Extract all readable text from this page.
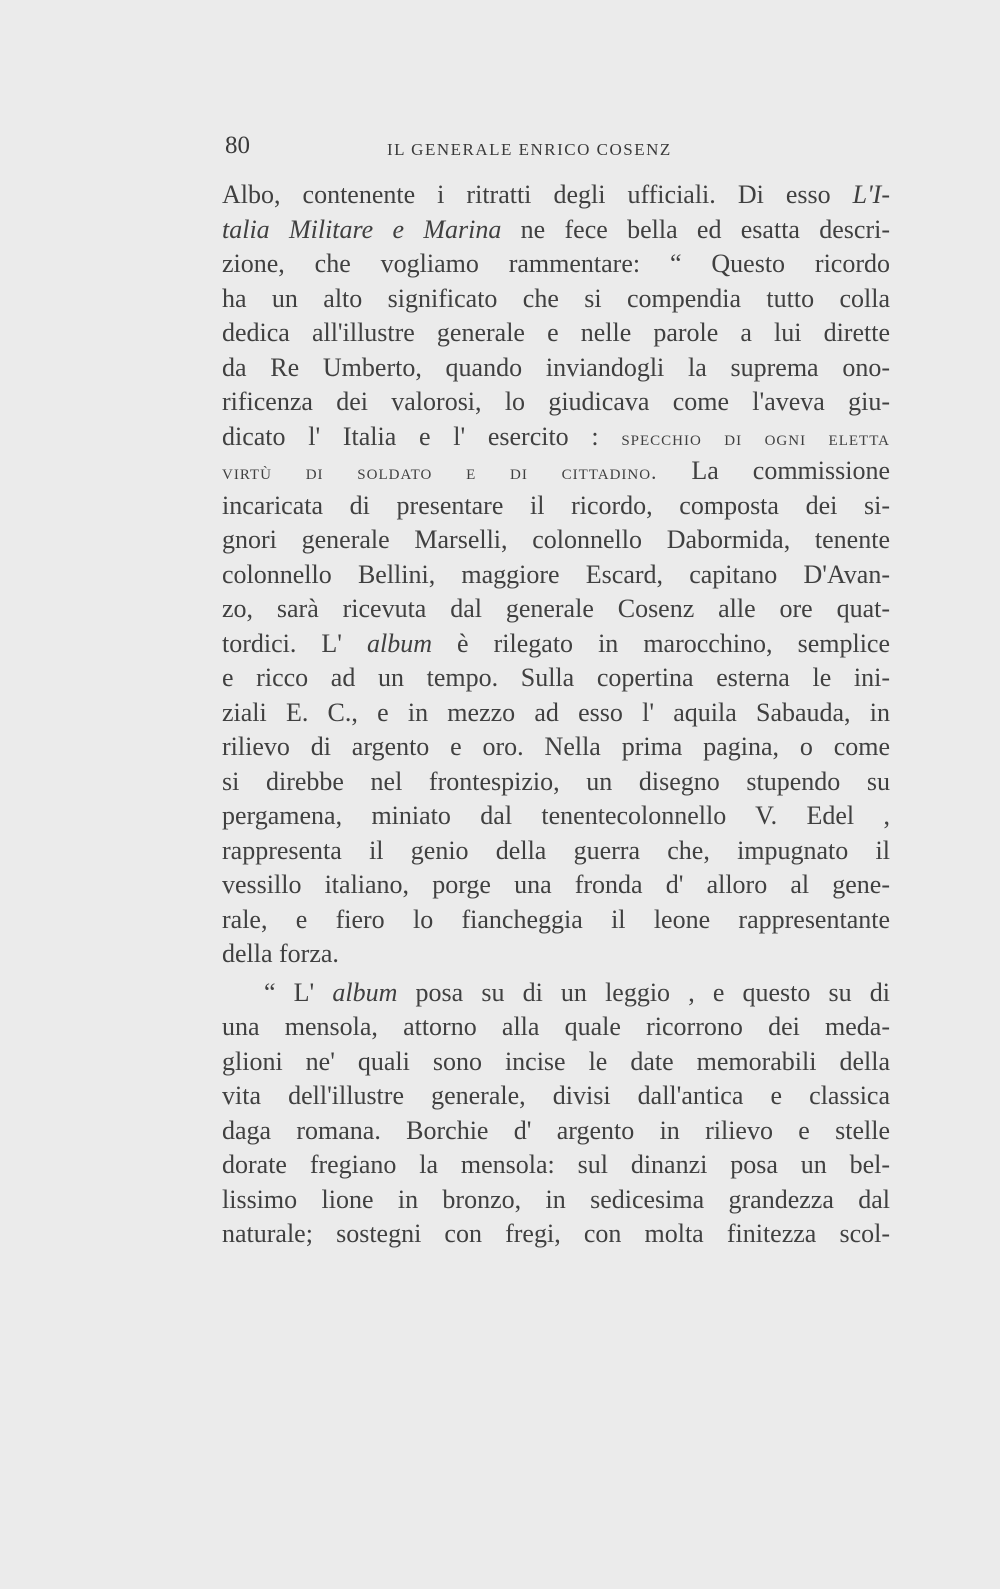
80	IL GENERALE ENRICO COSENZ
Albo, contenente i ritratti degli ufficiali. Di esso L'I-
talia Militare e Marina ne fece bella ed esatta descri-
zione, che vogliamo rammentare: “ Questo ricordo
ha un alto significato che si compendia tutto colla
dedica all'illustre generale e nelle parole a lui dirette
da Re Umberto, quando inviandogli la suprema ono-
rificenza dei valorosi, lo giudicava come l'aveva giu-
dicato l' Italia e l' esercito : specchio di ogni eletta
virtù di soldato e di cittadino. La commissione
incaricata di presentare il ricordo, composta dei si-
gnori generale Marselli, colonnello Dabormida, tenente
colonnello Bellini, maggiore Escard, capitano D'Avan-
zo, sarà ricevuta dal generale Cosenz alle ore quat-
tordici. L' album è rilegato in marocchino, semplice
e ricco ad un tempo. Sulla copertina esterna le ini-
ziali E. C., e in mezzo ad esso l' aquila Sabauda, in
rilievo di argento e oro. Nella prima pagina, o come
si direbbe nel frontespizio, un disegno stupendo su
pergamena, miniato dal tenentecolonnello V. Edel ,
rappresenta il genio della guerra che, impugnato il
vessillo italiano, porge una fronda d' alloro al gene-
rale, e fiero lo fiancheggia il leone rappresentante
della forza.
“ L' album posa su di un leggio , e questo su di
una mensola, attorno alla quale ricorrono dei meda-
glioni ne' quali sono incise le date memorabili della
vita dell'illustre generale, divisi dall'antica e classica
daga romana. Borchie d' argento in rilievo e stelle
dorate fregiano la mensola: sul dinanzi posa un bel-
lissimo lione in bronzo, in sedicesima grandezza dal
naturale; sostegni con fregi, con molta finitezza scol-
